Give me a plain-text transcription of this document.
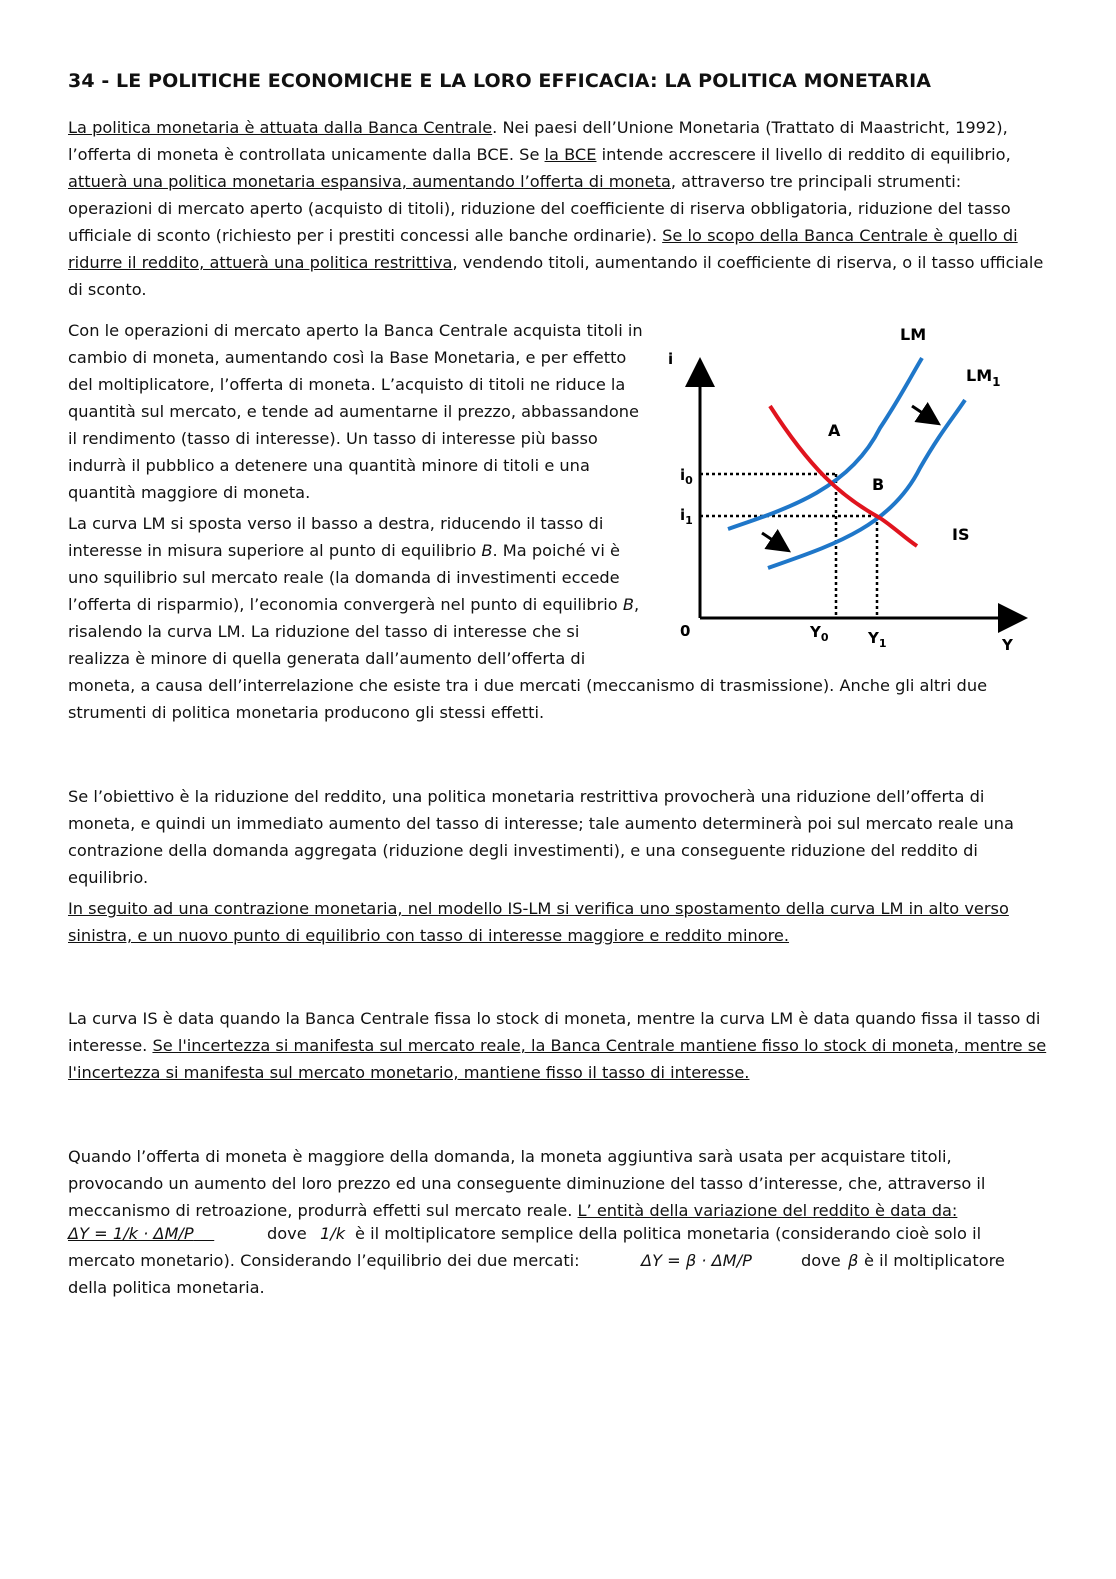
34 - LE POLITICHE ECONOMICHE E LA LORO EFFICACIA: LA POLITICA MONETARIA
La politica monetaria è attuata dalla Banca Centrale. Nei paesi dell’Unione Monetaria (Trattato di Maastricht, 1992), l’offerta di moneta è controllata unicamente dalla BCE. Se la BCE intende accrescere il livello di reddito di equilibrio, attuerà una politica monetaria espansiva, aumentando l’offerta di moneta, attraverso tre principali strumenti: operazioni di mercato aperto (acquisto di titoli), riduzione del coefficiente di riserva obbligatoria, riduzione del tasso ufficiale di sconto (richiesto per i prestiti concessi alle banche ordinarie). Se lo scopo della Banca Centrale è quello di ridurre il reddito, attuerà una politica restrittiva, vendendo titoli, aumentando il coefficiente di riserva, o il tasso ufficiale di sconto.
Con le operazioni di mercato aperto la Banca Centrale acquista titoli in cambio di moneta, aumentando così la Base Monetaria, e per effetto del moltiplicatore, l’offerta di moneta. L’acquisto di titoli ne riduce la quantità sul mercato, e tende ad aumentarne il prezzo, abbassandone il rendimento (tasso di interesse). Un tasso di interesse più basso indurrà il pubblico a detenere una quantità minore di titoli e una quantità maggiore di moneta.
La curva LM si sposta verso il basso a destra, riducendo il tasso di interesse in misura superiore al punto di equilibrio B. Ma poiché vi è uno squilibrio sul mercato reale (la domanda di investimenti eccede l’offerta di risparmio), l’economia convergerà nel punto di equilibrio B, risalendo la curva LM. La riduzione del tasso di interesse che si realizza è minore di quella generata dall’aumento dell’offerta di
moneta, a causa dell’interrelazione che esiste tra i due mercati (meccanismo di trasmissione). Anche gli altri due strumenti di politica monetaria producono gli stessi effetti.
Se l’obiettivo è la riduzione del reddito, una politica monetaria restrittiva provocherà una riduzione dell’offerta di moneta, e quindi un immediato aumento del tasso di interesse; tale aumento determinerà poi sul mercato reale una contrazione della domanda aggregata (riduzione degli investimenti), e una conseguente riduzione del reddito di equilibrio.
In seguito ad una contrazione monetaria, nel modello IS-LM si verifica uno spostamento della curva LM in alto verso sinistra, e un nuovo punto di equilibrio con tasso di interesse maggiore e reddito minore.
La curva IS è data quando la Banca Centrale fissa lo stock di moneta, mentre la curva LM è data quando fissa il tasso di interesse. Se l'incertezza si manifesta sul mercato reale, la Banca Centrale mantiene fisso lo stock di moneta, mentre se l'incertezza si manifesta sul mercato monetario, mantiene fisso il tasso di interesse.
Quando l’offerta di moneta è maggiore della domanda, la moneta aggiuntiva sarà usata per acquistare titoli, provocando un aumento del loro prezzo ed una conseguente diminuzione del tasso d’interesse, che, attraverso il meccanismo di retroazione, produrrà effetti sul mercato reale. L’ entità della variazione del reddito è data da:
ΔY = 1/k · ΔM/P	dove 1/k è il moltiplicatore semplice della politica monetaria (considerando cioè solo il
mercato monetario). Considerando l’equilibrio dei due mercati:	ΔY = β · ΔM/P	dove β è il moltiplicatore
della politica monetaria.
i
LM
$LM_1$
A
B
IS
$i_0$
$i_1$
0	$Y_0$	$Y_1$	Y
